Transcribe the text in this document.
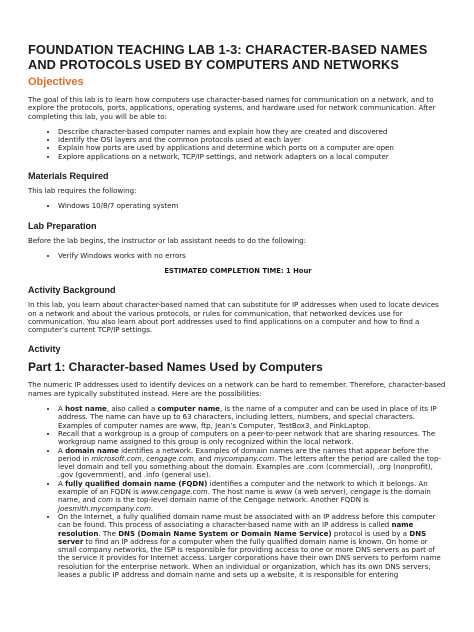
FOUNDATION TEACHING LAB 1-3: CHARACTER-BASED NAMES AND PROTOCOLS USED BY COMPUTERS AND NETWORKS
Objectives

The goal of this lab is to learn how computers use character-based names for communication on a network, and to explore the protocols, ports, applications, operating systems, and hardware used for network communication. After completing this lab, you will be able to:

• Describe character-based computer names and explain how they are created and discovered
• Identify the OSI layers and the common protocols used at each layer
• Explain how ports are used by applications and determine which ports on a computer are open
• Explore applications on a network, TCP/IP settings, and network adapters on a local computer
Materials Required

This lab requires the following:

• Windows 10/8/7 operating system
Lab Preparation

Before the lab begins, the instructor or lab assistant needs to do the following:

• Verify Windows works with no errors
ESTIMATED COMPLETION TIME: 1 Hour
Activity Background

In this lab, you learn about character-based named that can substitute for IP addresses when used to locate devices on a network and about the various protocols, or rules for communication, that networked devices use for communication. You also learn about port addresses used to find applications on a computer and how to find a computer’s current TCP/IP settings.

Activity
Part 1: Character-based Names Used by Computers

The numeric IP addresses used to identify devices on a network can be hard to remember. Therefore, character-based names are typically substituted instead. Here are the possibilities:

• A host name, also called a computer name, is the name of a computer and can be used in place of its IP address. The name can have up to 63 characters, including letters, numbers, and special characters. Examples of computer names are www, ftp, Jean’s Computer, TestBox3, and PinkLaptop.
• Recall that a workgroup is a group of computers on a peer-to-peer network that are sharing resources. The workgroup name assigned to this group is only recognized within the local network.
• A domain name identifies a network. Examples of domain names are the names that appear before the period in microsoft.com, cengage.com, and mycompany.com. The letters after the period are called the top-level domain and tell you something about the domain. Examples are .com (commercial), .org (nonprofit), .gov (government), and .info (general use).
• A fully qualified domain name (FQDN) identifies a computer and the network to which it belongs. An example of an FQDN is www.cengage.com. The host name is www (a web server), cengage is the domain name, and com is the top-level domain name of the Cengage network. Another FQDN is joesmith.mycompany.com.
• On the Internet, a fully qualified domain name must be associated with an IP address before this computer can be found. This process of associating a character-based name with an IP address is called name resolution. The DNS (Domain Name System or Domain Name Service) protocol is used by a DNS server to find an IP address for a computer when the fully qualified domain name is known. On home or small company networks, the ISP is responsible for providing access to one or more DNS servers as part of the service it provides for Internet access. Larger corporations have their own DNS servers to perform name resolution for the enterprise network. When an individual or organization, which has its own DNS servers, leases a public IP address and domain name and sets up a website, it is responsible for entering
